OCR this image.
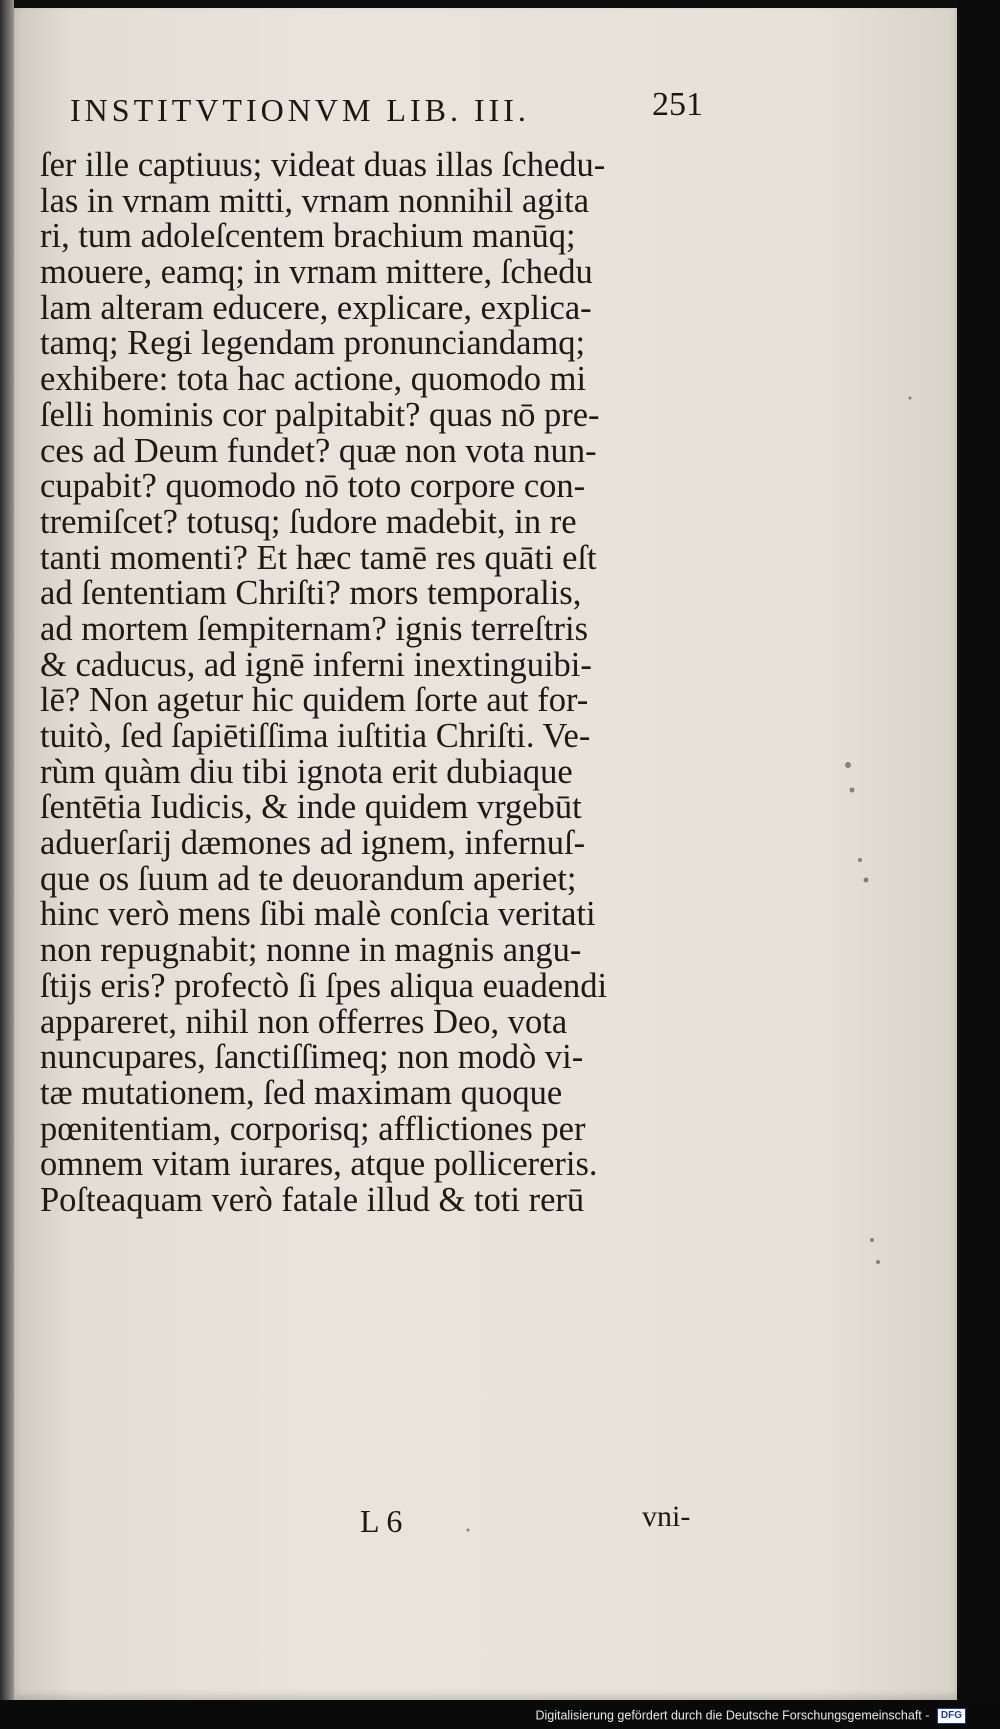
INSTITVTIONVM LIB. III.	251
ſer ille captiuus; videat duas illas ſchedu-
las in vrnam mitti, vrnam nonnihil agita
ri, tum adoleſcentem brachium manūq;
mouere, eamq; in vrnam mittere, ſchedu
lam alteram educere, explicare, explica-
tamq; Regi legendam pronunciandamq;
exhibere: tota hac actione, quomodo mi
ſelli hominis cor palpitabit? quas nō pre-
ces ad Deum fundet? quæ non vota nun-
cupabit? quomodo nō toto corpore con-
tremiſcet? totusq; ſudore madebit, in re
tanti momenti? Et hæc tamē res quāti eſt
ad ſententiam Chriſti? mors temporalis,
ad mortem ſempiternam? ignis terreſtris
& caducus, ad ignē inferni inextinguibi-
lē? Non agetur hic quidem ſorte aut for-
tuitò, ſed ſapiētiſſima iuſtitia Chriſti. Ve-
rùm quàm diu tibi ignota erit dubiaque
ſentētia Iudicis, & inde quidem vrgebūt
aduerſarij dæmones ad ignem, infernuſ-
que os ſuum ad te deuorandum aperiet;
hinc verò mens ſibi malè conſcia veritati
non repugnabit; nonne in magnis angu-
ſtijs eris? profectò ſi ſpes aliqua euadendi
appareret, nihil non offerres Deo, vota
nuncupares, ſanctiſſimeq; non modò vi-
tæ mutationem, ſed maximam quoque
pœnitentiam, corporisq; afflictiones per
omnem vitam iurares, atque pollicereris.
Poſteaquam verò fatale illud & toti rerū
L 6	vni-
Digitalisierung gefördert durch die Deutsche Forschungsgemeinschaft - DFG
